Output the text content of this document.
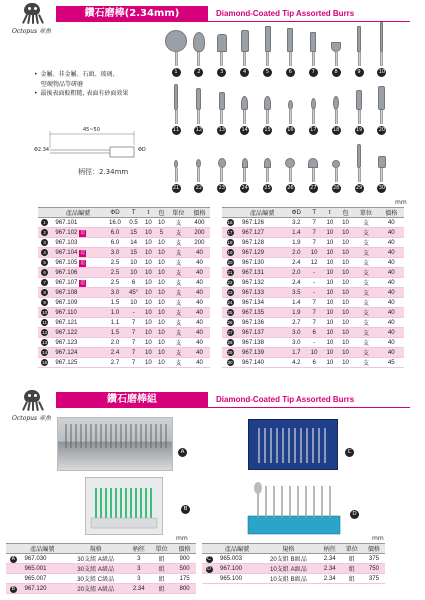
Octopus 章魚
鑽石磨棒(2.34mm)	Diamond-Coated Tip Assorted Burrs
• 金屬、非金屬、石頭、玻璃、
堅硬物品等研磨
• 最後表面較粗糙, 表面有砂面效果
45~50
Φ2.34	ΦD
柄徑：2.34mm
1	2	3	4	5	6	7	8	9	10
11	12	13	14	15	16	17	18	19	20
21	22	23	24	25	26	27	28	29	30
mm
	產品編號	ΦD	T	t	包	單位	價格
1	967.101	16.0	0.5	10	10	支	400
2	967.102 訂	6.0	15	10	5	支	200
3	967.103	6.0	14	10	10	支	200
4	967.104 訂	3.0	15	10	10	支	40
5	967.105 訂	2.5	10	10	10	支	40
6	967.106	2.5	10	10	10	支	40
7	967.107 訂	2.5	6	10	10	支	40
8	967.108	3.0	45°	10	10	支	40
9	967.109	1.5	10	10	10	支	40
10	967.110	1.0	-	10	10	支	40
11	967.121	1.1	7	10	10	支	40
12	967.122	1.5	7	10	10	支	40
13	967.123	2.0	7	10	10	支	40
14	967.124	2.4	7	10	10	支	40
15	967.125	2.7	7	10	10	支	40
	產品編號	ΦD	T	t	包	單位	價格
16	967.126	3.2	7	10	10	支	40
17	967.127	1.4	7	10	10	支	40
18	967.128	1.9	7	10	10	支	40
19	967.129	2.0	10	10	10	支	40
20	967.130	2.4	12	10	10	支	40
21	967.131	2.0	-	10	10	支	40
22	967.132	2.4	-	10	10	支	40
23	967.133	3.5	-	10	10	支	40
24	967.134	1.4	7	10	10	支	40
25	967.135	1.9	7	10	10	支	40
26	967.136	2.7	7	10	10	支	40
27	967.137	3.0	6	10	10	支	40
28	967.138	3.0	-	10	10	支	40
29	967.139	1.7	10	10	10	支	40
30	967.140	4.2	6	10	10	支	45
Octopus 章魚
鑽石磨棒組	Diamond-Coated Tip Assorted Burrs
A
B
C
D
mm	mm
	產品編號	規格	柄徑	單位	價格
A	967.030	30支組 A級品	3	組	900
	965.001	30支組 A級品	3	組	500
	965.007	30支組 C級品	3	組	175
B	967.120	20支組 A級品	2.34	組	800
	產品編號	規格	柄徑	單位	價格
C	965.003	20支組 B級品	2.34	組	375
D	967.100	10支組 A級品	2.34	組	750
	965.100	10支組 B級品	2.34	組	375
